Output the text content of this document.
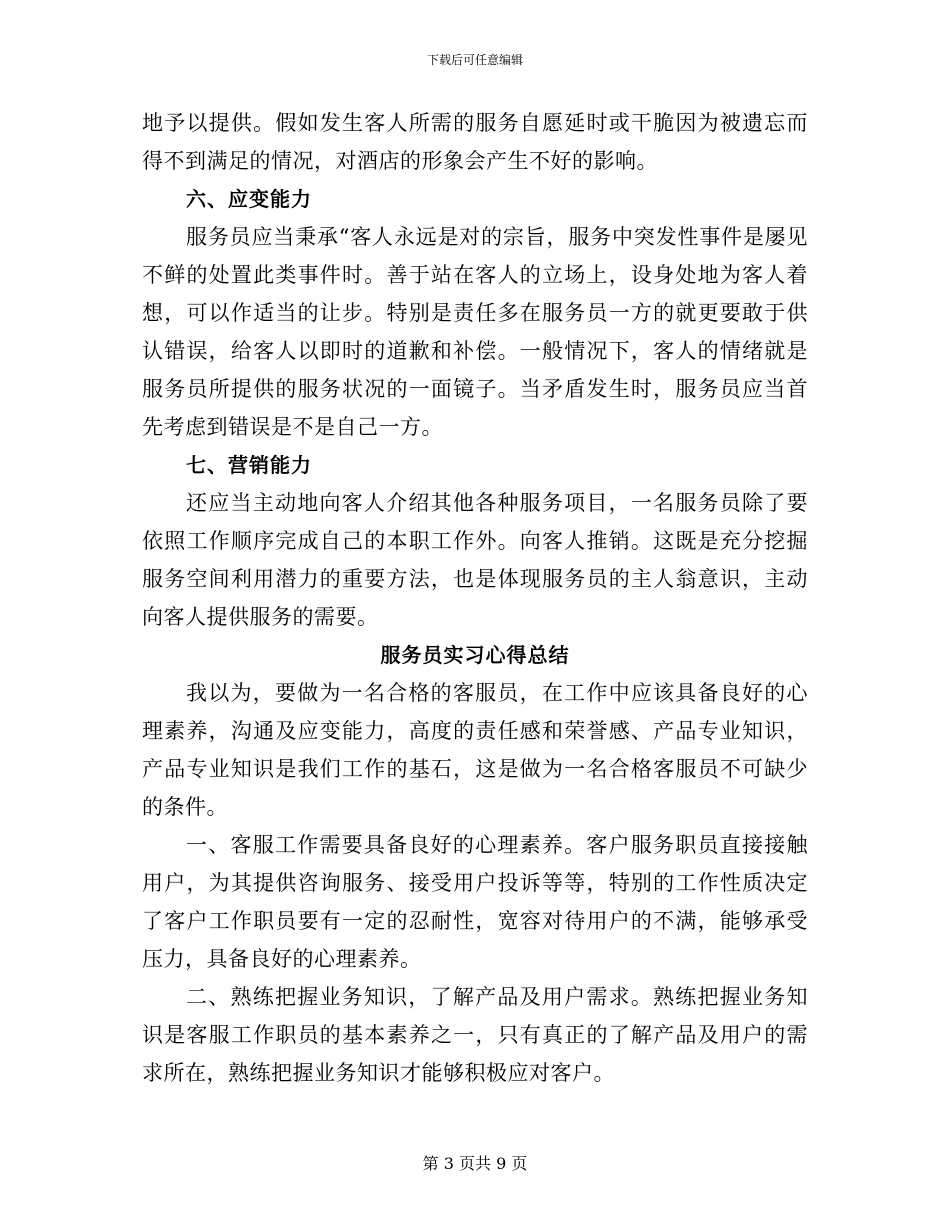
下载后可任意编辑

地予以提供。假如发生客人所需的服务自愿延时或干脆因为被遗忘而得不到满足的情况，对酒店的形象会产生不好的影响。

六、应变能力

服务员应当秉承“客人永远是对的宗旨，服务中突发性事件是屡见不鲜的处置此类事件时。善于站在客人的立场上，设身处地为客人着想，可以作适当的让步。特别是责任多在服务员一方的就更要敢于供认错误，给客人以即时的道歉和补偿。一般情况下，客人的情绪就是服务员所提供的服务状况的一面镜子。当矛盾发生时，服务员应当首先考虑到错误是不是自己一方。

七、营销能力

还应当主动地向客人介绍其他各种服务项目，一名服务员除了要依照工作顺序完成自己的本职工作外。向客人推销。这既是充分挖掘服务空间利用潜力的重要方法，也是体现服务员的主人翁意识，主动向客人提供服务的需要。

服务员实习心得总结

我以为，要做为一名合格的客服员，在工作中应该具备良好的心理素养，沟通及应变能力，高度的责任感和荣誉感、产品专业知识，产品专业知识是我们工作的基石，这是做为一名合格客服员不可缺少的条件。

一、客服工作需要具备良好的心理素养。客户服务职员直接接触用户，为其提供咨询服务、接受用户投诉等等，特别的工作性质决定了客户工作职员要有一定的忍耐性，宽容对待用户的不满，能够承受压力，具备良好的心理素养。

二、熟练把握业务知识，了解产品及用户需求。熟练把握业务知识是客服工作职员的基本素养之一，只有真正的了解产品及用户的需求所在，熟练把握业务知识才能够积极应对客户。

第 3 页共 9 页
